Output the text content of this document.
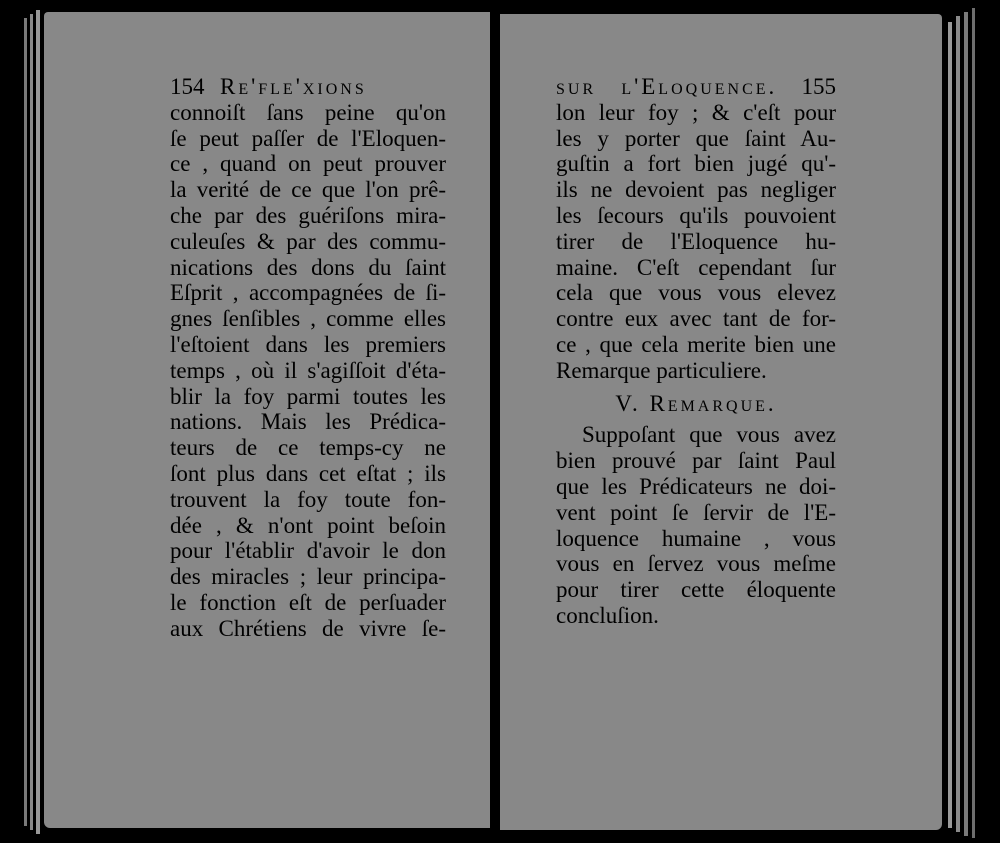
154 Re'fle'xions
connoiſt ſans peine qu'on
ſe peut paſſer de l'Eloquen-
ce , quand on peut prouver
la verité de ce que l'on prê-
che par des guériſons mira-
culeuſes & par des commu-
nications des dons du ſaint
Eſprit , accompagnées de ſi-
gnes ſenſibles , comme elles
l'eſtoient dans les premiers
temps , où il s'agiſſoit d'éta-
blir la foy parmi toutes les
nations. Mais les Prédica-
teurs de ce temps-cy ne
ſont plus dans cet eſtat ; ils
trouvent la foy toute fon-
dée , & n'ont point beſoin
pour l'établir d'avoir le don
des miracles ; leur principa-
le fonction eſt de perſuader
aux Chrétiens de vivre ſe-
sur l'Eloquence. 155
lon leur foy ; & c'eſt pour
les y porter que ſaint Au-
guſtin a fort bien jugé qu'-
ils ne devoient pas negliger
les ſecours qu'ils pouvoient
tirer de l'Eloquence hu-
maine. C'eſt cependant ſur
cela que vous vous elevez
contre eux avec tant de for-
ce , que cela merite bien une
Remarque particuliere.
V. Remarque.
Suppoſant que vous avez
bien prouvé par ſaint Paul
que les Prédicateurs ne doi-
vent point ſe ſervir de l'E-
loquence humaine , vous
vous en ſervez vous meſme
pour tirer cette éloquente
concluſion.
